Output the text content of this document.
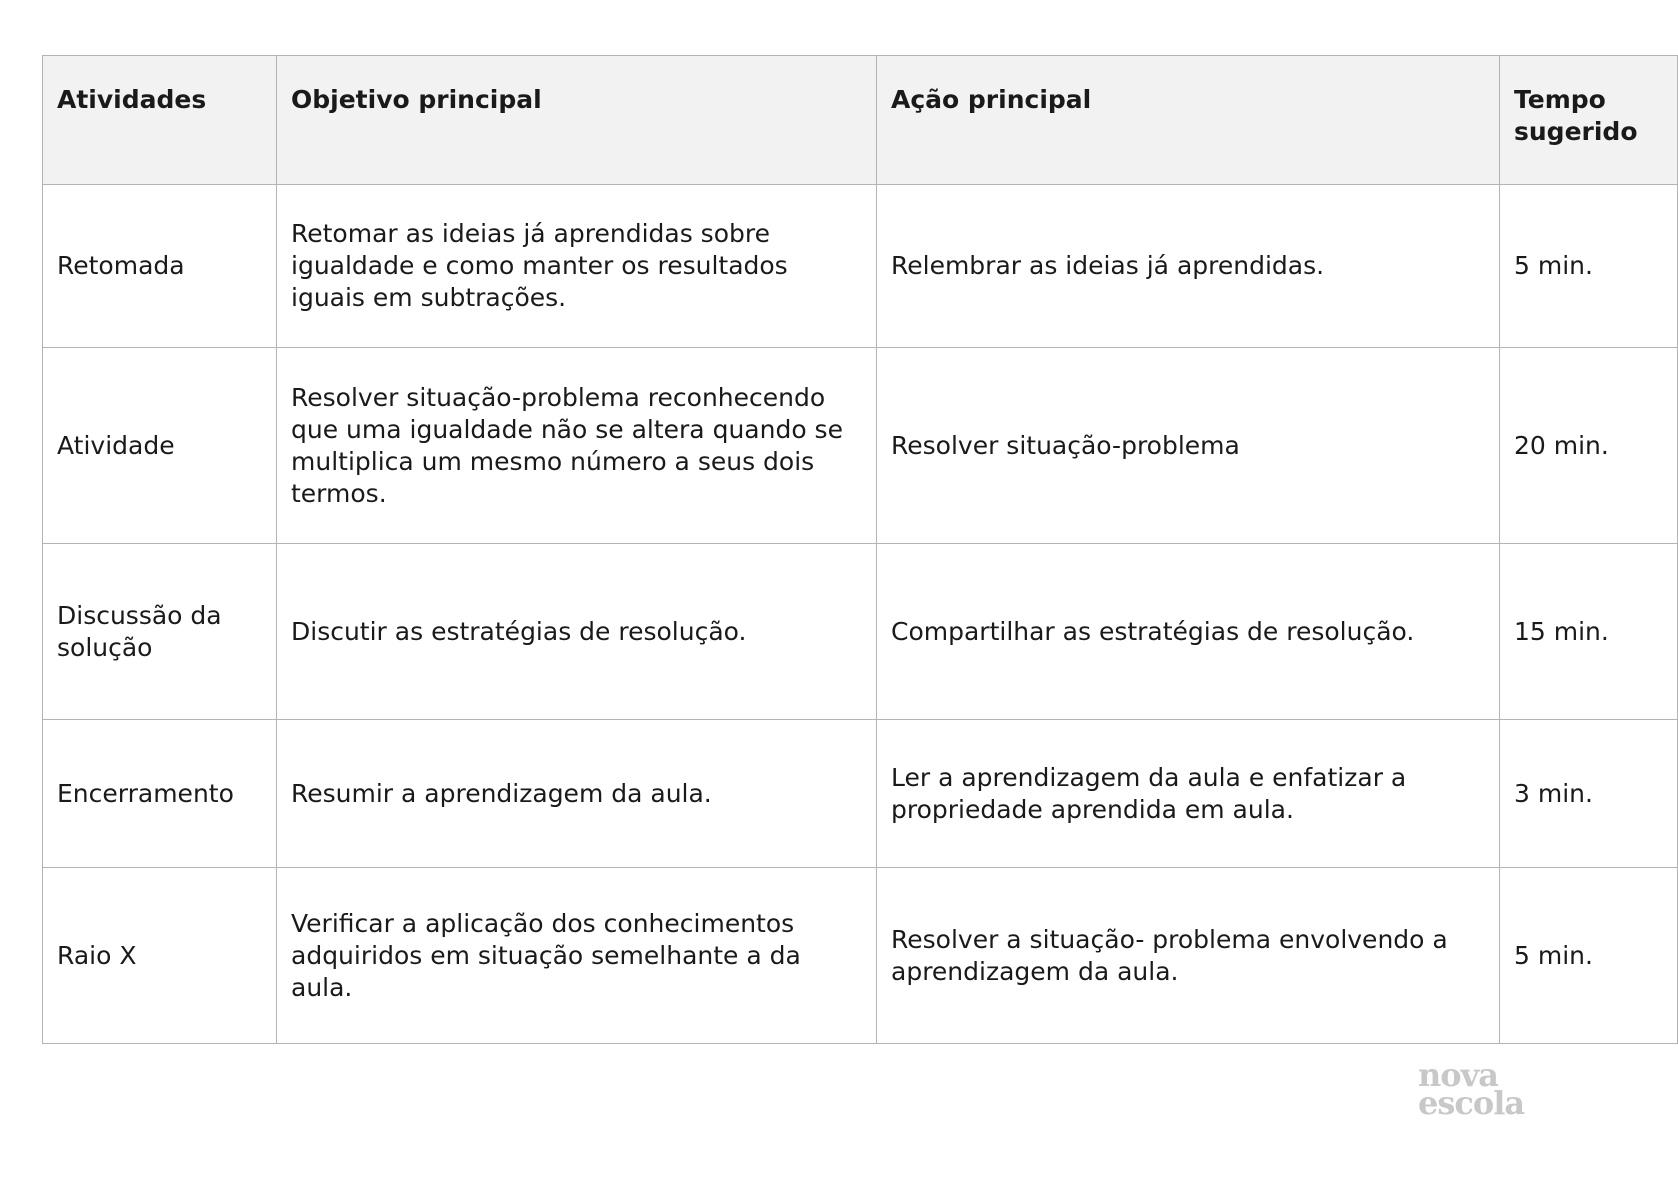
Atividades	Objetivo principal	Ação principal	Tempo sugerido
Retomada	Retomar as ideias já aprendidas sobre igualdade e como manter os resultados iguais em subtrações.	Relembrar as ideias já aprendidas.	5 min.
Atividade	Resolver situação-problema reconhecendo que uma igualdade não se altera quando se multiplica um mesmo número a seus dois termos.	Resolver situação-problema	20 min.
Discussão da solução	Discutir as estratégias de resolução.	Compartilhar as estratégias de resolução.	15 min.
Encerramento	Resumir a aprendizagem da aula.	Ler a aprendizagem da aula e enfatizar a propriedade aprendida em aula.	3 min.
Raio X	Verificar a aplicação dos conhecimentos adquiridos em situação semelhante a da aula.	Resolver a situação- problema envolvendo a aprendizagem da aula.	5 min.
nova
escola
